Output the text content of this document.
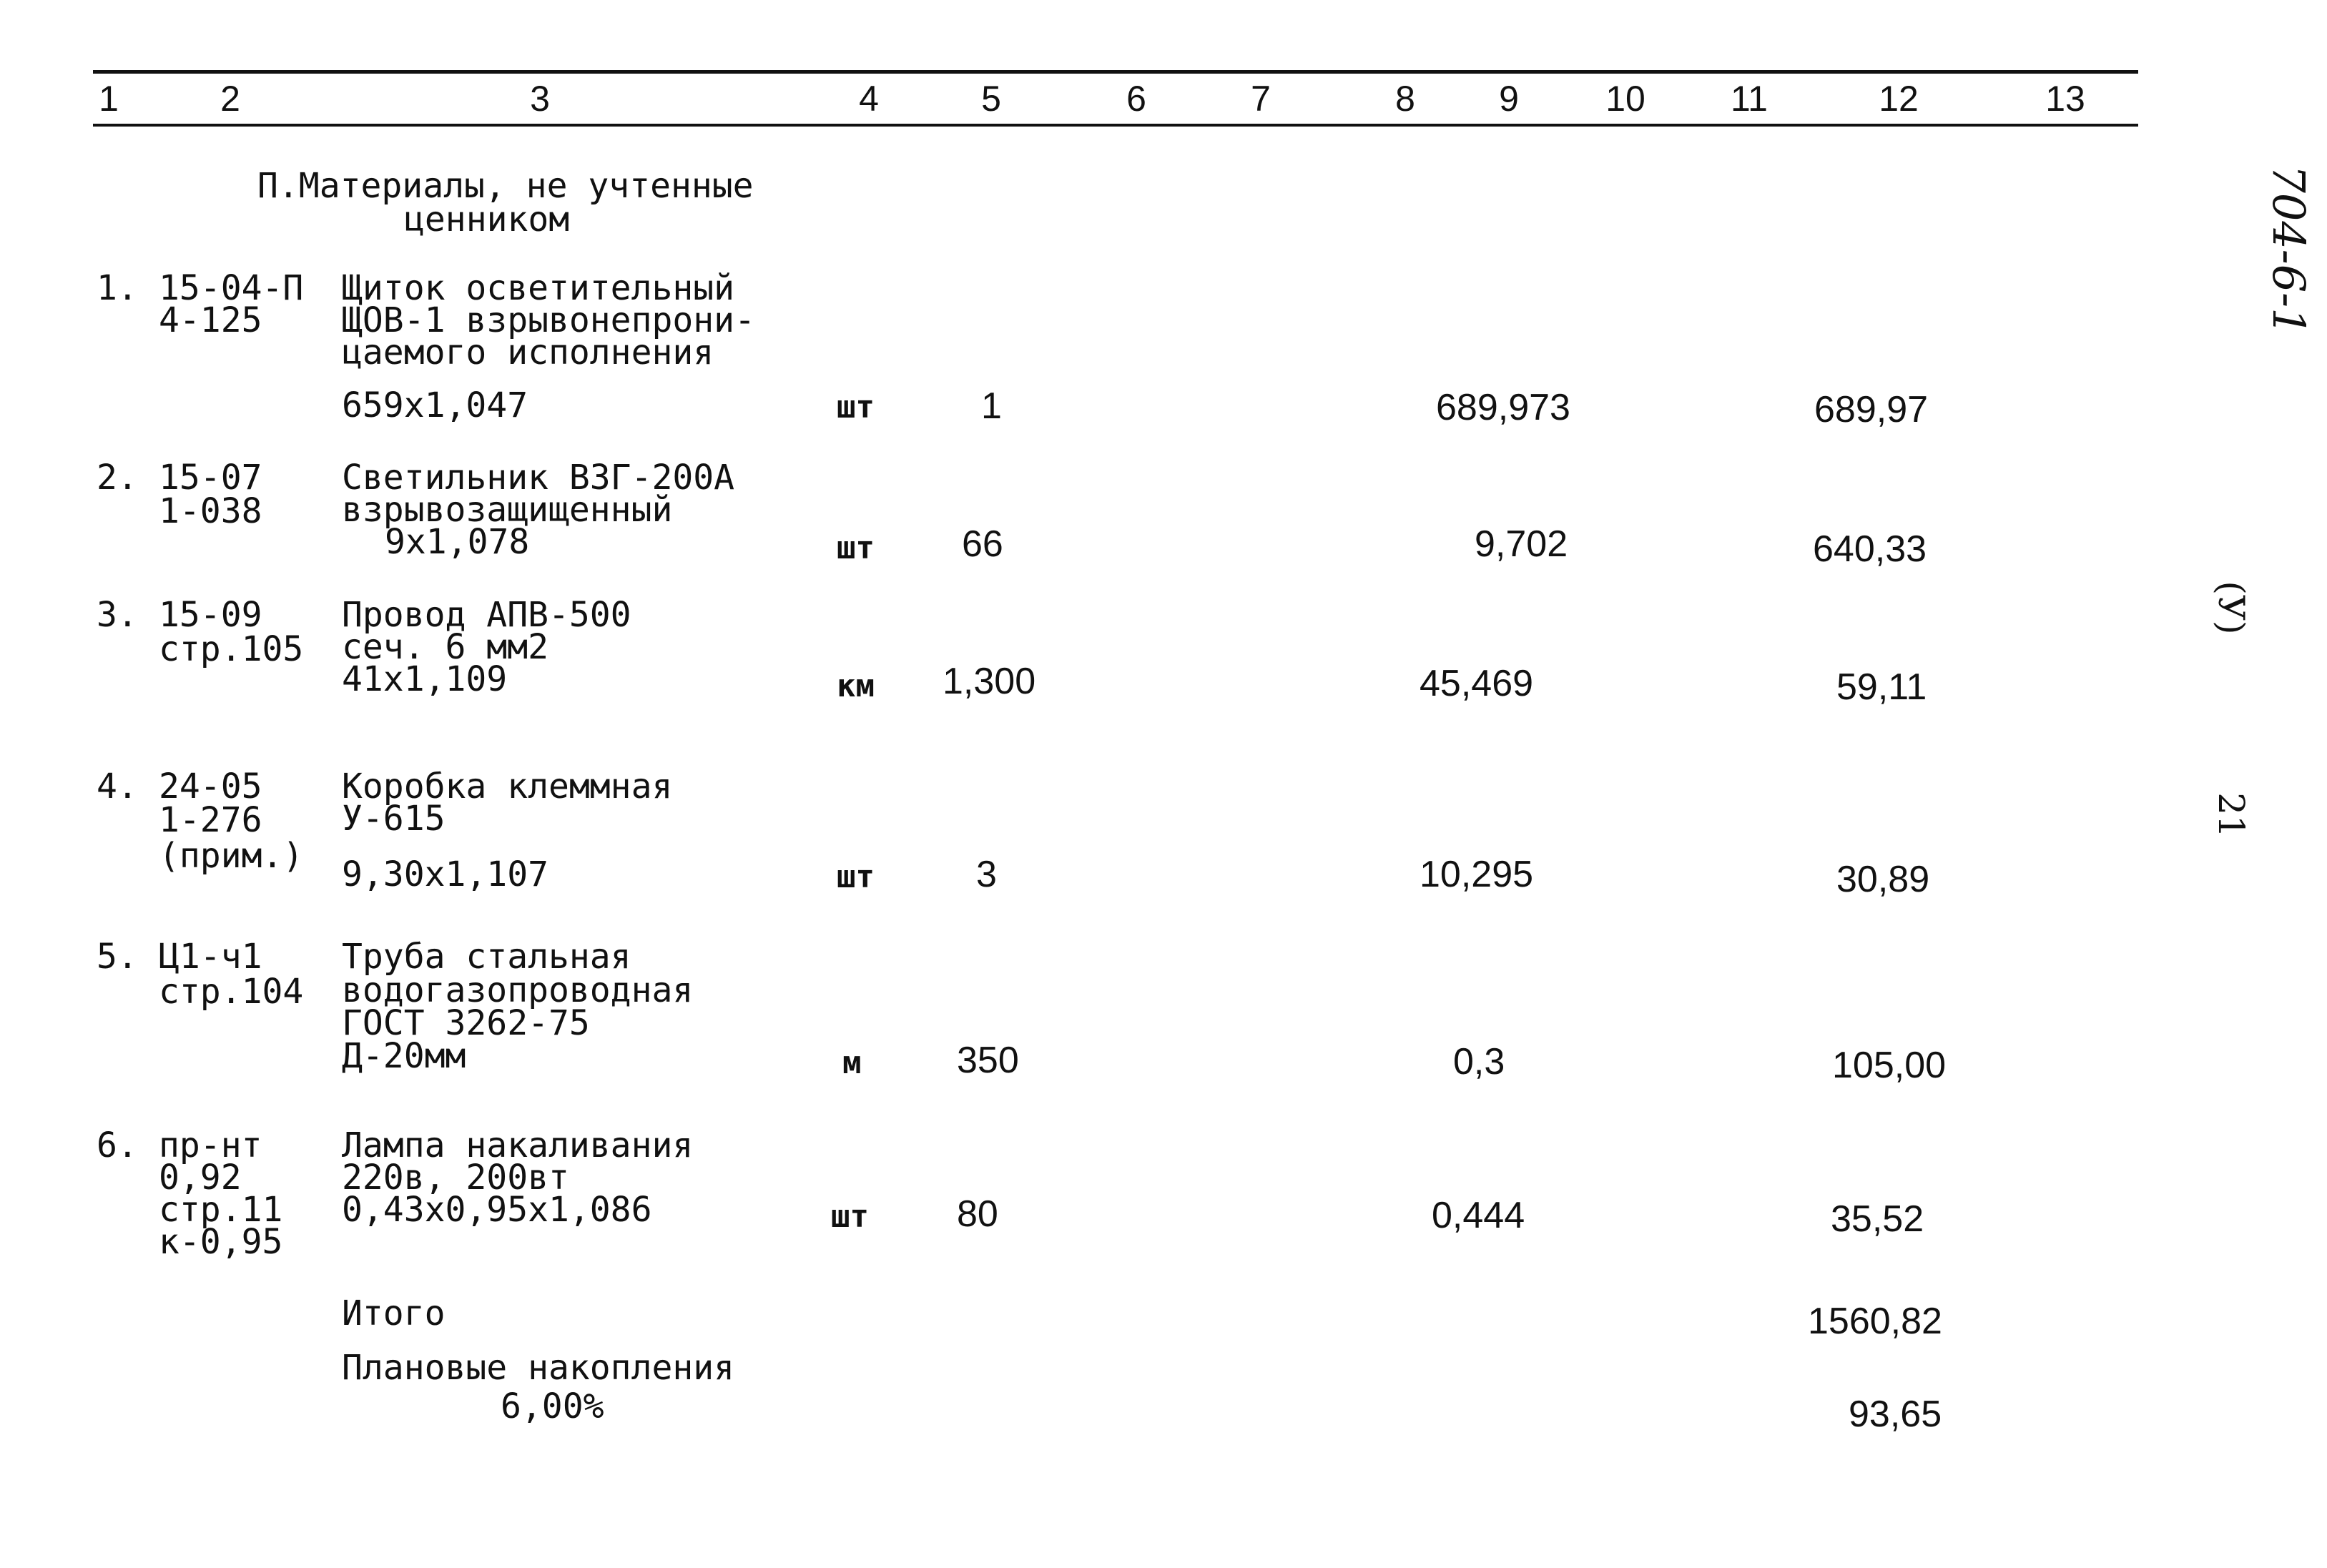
1	2	3	4	5	6	7	8 9 10 11	12	13
П.Материалы, не учтенные
ценником
1. 15-04-П
4-125
Щиток осветительный
ЩОВ-1 взрывонепрони-
цаемого исполнения
659x1,047	шт	1	689,973	689,97
2. 15-07
1-038
Светильник ВЗГ-200А
взрывозащищенный
9x1,078	шт 66	9,702	640,33
3. 15-09
стр.105
Провод АПВ-500
сеч. 6 мм2
41x1,109	км 1,300	45,469	59,11
4. 24-05
1-276
(прим.)
Коробка клеммная
У-615
9,30x1,107	шт	3	10,295	30,89
5. Ц1-ч1
стр.104
Труба стальная
водогазопроводная
ГОСТ 3262-75
Д-20мм	м	350	0,3	105,00
6. пр-нт
0,92
стр.11
к-0,95
Лампа накаливания
220в, 200вт
0,43x0,95x1,086	шт 80	0,444	35,52
Итого	1560,82
Плановые накопления
6,00%	93,65
704-6-1
(У)
21
